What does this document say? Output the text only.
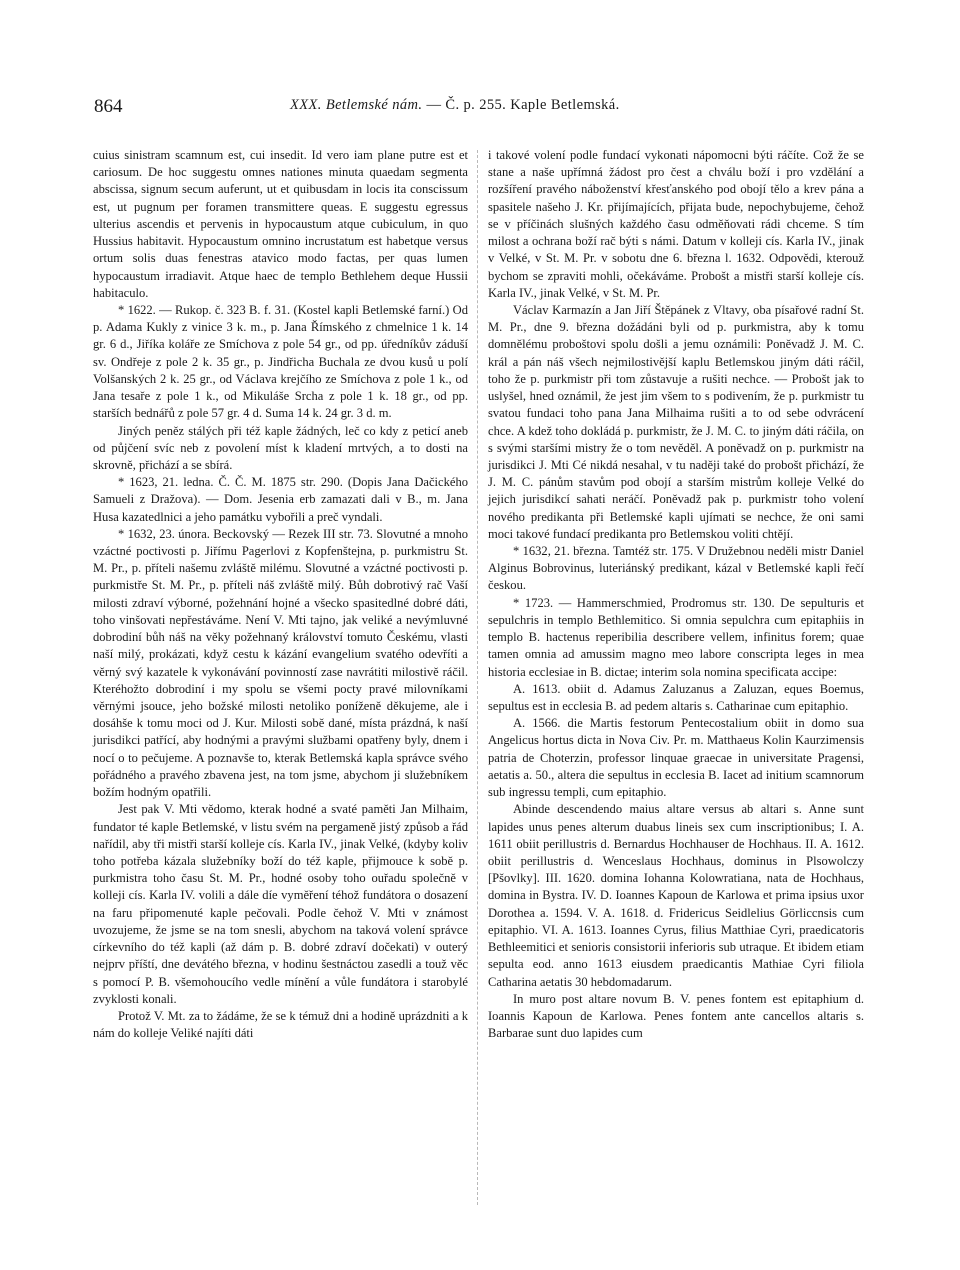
864	XXX. Betlemské nám. — Č. p. 255. Kaple Betlemská.

cuius sinistram scamnum est, cui insedit. Id vero iam plane putre est et cariosum. De hoc suggestu omnes nationes minuta quaedam segmenta abscissa, signum secum auferunt, ut et quibusdam in locis ita conscissum est, ut pugnum per foramen transmittere queas. E suggestu egressus ulterius ascendis et pervenis in hypocaustum atque cubiculum, in quo Hussius habitavit. Hypocaustum omnino incrustatum est habetque versus ortum solis duas fenestras atavico modo factas, per quas lumen hypocaustum irradiavit. Atque haec de templo Bethlehem deque Hussii habitaculo.

* 1622. — Rukop. č. 323 B. f. 31. (Kostel kapli Betlemské farní.) Od p. Adama Kukly z vinice 3 k. m., p. Jana Římského z chmelnice 1 k. 14 gr. 6 d., Jiříka koláře ze Smíchova z pole 54 gr., od pp. úředníkův záduší sv. Ondřeje z pole 2 k. 35 gr., p. Jindřicha Buchala ze dvou kusů u polí Volšanských 2 k. 25 gr., od Václava krejčího ze Smíchova z pole 1 k., od Jana tesaře z pole 1 k., od Mikuláše Srcha z pole 1 k. 18 gr., od pp. starších bednářů z pole 57 gr. 4 d. Suma 14 k. 24 gr. 3 d. m.

Jiných peněz stálých při též kaple žádných, leč co kdy z peticí aneb od půjčení svíc neb z povolení míst k kladení mrtvých, a to dosti na skrovně, přichází a se sbírá.

* 1623, 21. ledna. Č. Č. M. 1875 str. 290. (Dopis Jana Dačického Samueli z Dražova). — Dom. Jesenia erb zamazati dali v B., m. Jana Husa kazatedlnici a jeho památku vybořili a preč vyndali.

* 1632, 23. února. Beckovský — Rezek III str. 73. Slovutné a mnoho vzáctné poctivosti p. Jiřímu Pagerlovi z Kopfenštejna, p. purkmistru St. M. Pr., p. příteli našemu zvláště milému. Slovutné a vzáctné poctivosti p. purkmistře St. M. Pr., p. příteli náš zvláště milý. Bůh dobrotivý rač Vaší milosti zdraví výborné, požehnání hojné a všecko spasitedlné dobré dáti, toho vinšovati nepřestáváme. Není V. Mti tajno, jak veliké a nevýmluvné dobrodiní bůh náš na věky požehnaný království tomuto Českému, vlasti naší milý, prokázati, když cestu k kázání evangelium svatého odevříti a věrný svý kazatele k vykonávání povinností zase navrátiti milostivě ráčil. Kteréhožto dobrodiní i my spolu se všemi pocty pravé milovníkami věrnými jsouce, jeho božské milosti netoliko poníženě děkujeme, ale i dosáhše k tomu moci od J. Kur. Milosti sobě dané, místa prázdná, k naší jurisdikci patřící, aby hodnými a pravými službami opatřeny byly, dnem i nocí o to pečujeme. A poznavše to, kterak Betlemská kapla správce svého pořádného a pravého zbavena jest, na tom jsme, abychom ji služebníkem božím hodným opatřili.

Jest pak V. Mti vědomo, kterak hodné a svaté paměti Jan Milhaim, fundator té kaple Betlemské, v listu svém na pergameně jistý způsob a řád nařídil, aby tři mistři starší kolleje cís. Karla IV., jinak Velké, (kdyby koliv toho potřeba kázala služebníky boží do též kaple, přijmouce k sobě p. purkmistra toho času St. M. Pr., hodné osoby toho ouřadu společně v kolleji cís. Karla IV. volili a dále díe vyměření téhož fundátora o dosazení na faru připomenuté kaple pečovali. Podle čehož V. Mti v známost uvozujeme, že jsme se na tom snesli, abychom na taková volení správce církevního do též kapli (až dám p. B. dobré zdraví dočekati) v outerý nejprv příští, dne devátého března, v hodinu šestnáctou zasedli a touž věc s pomocí P. B. všemohoucího vedle mínění a vůle fundátora i starobylé zvyklosti konali.

Protož V. Mt. za to žádáme, že se k témuž dni a hodině uprázdniti a k nám do kolleje Veliké najíti dáti

i takové volení podle fundací vykonati nápomocni býti ráčíte. Což že se stane a naše upřímná žádost pro čest a chválu boží i pro vzdělání a rozšíření pravého náboženství křesťanského pod obojí tělo a krev pána a spasitele našeho J. Kr. přijímajících, přijata bude, nepochybujeme, čehož se v příčinách slušných každého času odměňovati rádi chceme. S tím milost a ochrana boží rač býti s námi. Datum v kolleji cís. Karla IV., jinak v Velké, v St. M. Pr. v sobotu dne 6. března l. 1632. Odpovědi, kterouž bychom se zpraviti mohli, očekáváme. Probošt a mistři starší kolleje cís. Karla IV., jinak Velké, v St. M. Pr.

Václav Karmazín a Jan Jiří Štěpánek z Vltavy, oba písařové radní St. M. Pr., dne 9. března dožádáni byli od p. purkmistra, aby k tomu domnělému proboštovi spolu došli a jemu oznámili: Poněvadž J. M. C. král a pán náš všech nejmilostivější kaplu Betlemskou jiným dáti ráčil, toho že p. purkmistr při tom zůstavuje a rušiti nechce. — Probošt jak to uslyšel, hned oznámil, že jest jim všem to s podivením, že p. purkmistr tu svatou fundaci toho pana Jana Milhaima rušiti a to od sebe odvrácení chce. A kdež toho dokládá p. purkmistr, že J. M. C. to jiným dáti ráčila, on s svými staršími mistry že o tom nevěděl. A poněvadž on p. purkmistr na jurisdikci J. Mti Cé nikdá nesahal, v tu naději také do probošt přichází, že J. M. C. pánům stavům pod obojí a starším mistrům kolleje Velké do jejich jurisdikcí sahati neráčí. Poněvadž pak p. purkmistr toho volení nového predikanta při Betlemské kapli ujímati se nechce, že oni sami moci takové fundací predikanta pro Betlemskou voliti chtějí.

* 1632, 21. března. Tamtéž str. 175. V Družebnou neděli mistr Daniel Alginus Bobrovinus, luteriánský predikant, kázal v Betlemské kapli řečí českou.

* 1723. — Hammerschmied, Prodromus str. 130. De sepulturis et sepulchris in templo Bethlemitico. Si omnia sepulchra cum epitaphiis in templo B. hactenus reperibilia describere vellem, infinitus forem; quae tamen omnia ad amussim magno meo labore conscripta leges in mea historia ecclesiae in B. dictae; interim sola nomina specificata accipe:

A. 1613. obiit d. Adamus Zaluzanus a Zaluzan, eques Boemus, sepultus est in ecclesia B. ad pedem altaris s. Catharinae cum epitaphio.

A. 1566. die Martis festorum Pentecostalium obiit in domo sua Angelicus hortus dicta in Nova Civ. Pr. m. Matthaeus Kolin Kaurzimensis patria de Choterzin, professor linquae graecae in universitate Pragensi, aetatis a. 50., altera die sepultus in ecclesia B. Iacet ad initium scamnorum sub ingressu templi, cum epitaphio.

Abinde descendendo maius altare versus ab altari s. Anne sunt lapides unus penes alterum duabus lineis sex cum inscriptionibus; I. A. 1611 obiit perillustris d. Bernardus Hochhauser de Hochhaus. II. A. 1612. obiit perillustris d. Wenceslaus Hochhaus, dominus in Plsowolczy [Pšovlky]. III. 1620. domina Iohanna Kolowratiana, nata de Hochhaus, domina in Bystra. IV. D. Ioannes Kapoun de Karlowa et prima ipsius uxor Dorothea a. 1594. V. A. 1618. d. Fridericus Seidlelius Görliccnsis cum epitaphio. VI. A. 1613. Ioannes Cyrus, filius Matthiae Cyri, praedicatoris Bethleemitici et senioris consistorii inferioris sub utraque. Et ibidem etiam sepulta eod. anno 1613 eiusdem praedicantis Mathiae Cyri filiola Catharina aetatis 30 hebdomadarum.

In muro post altare novum B. V. penes fontem est epitaphium d. Ioannis Kapoun de Karlowa. Penes fontem ante cancellos altaris s. Barbarae sunt duo lapides cum
